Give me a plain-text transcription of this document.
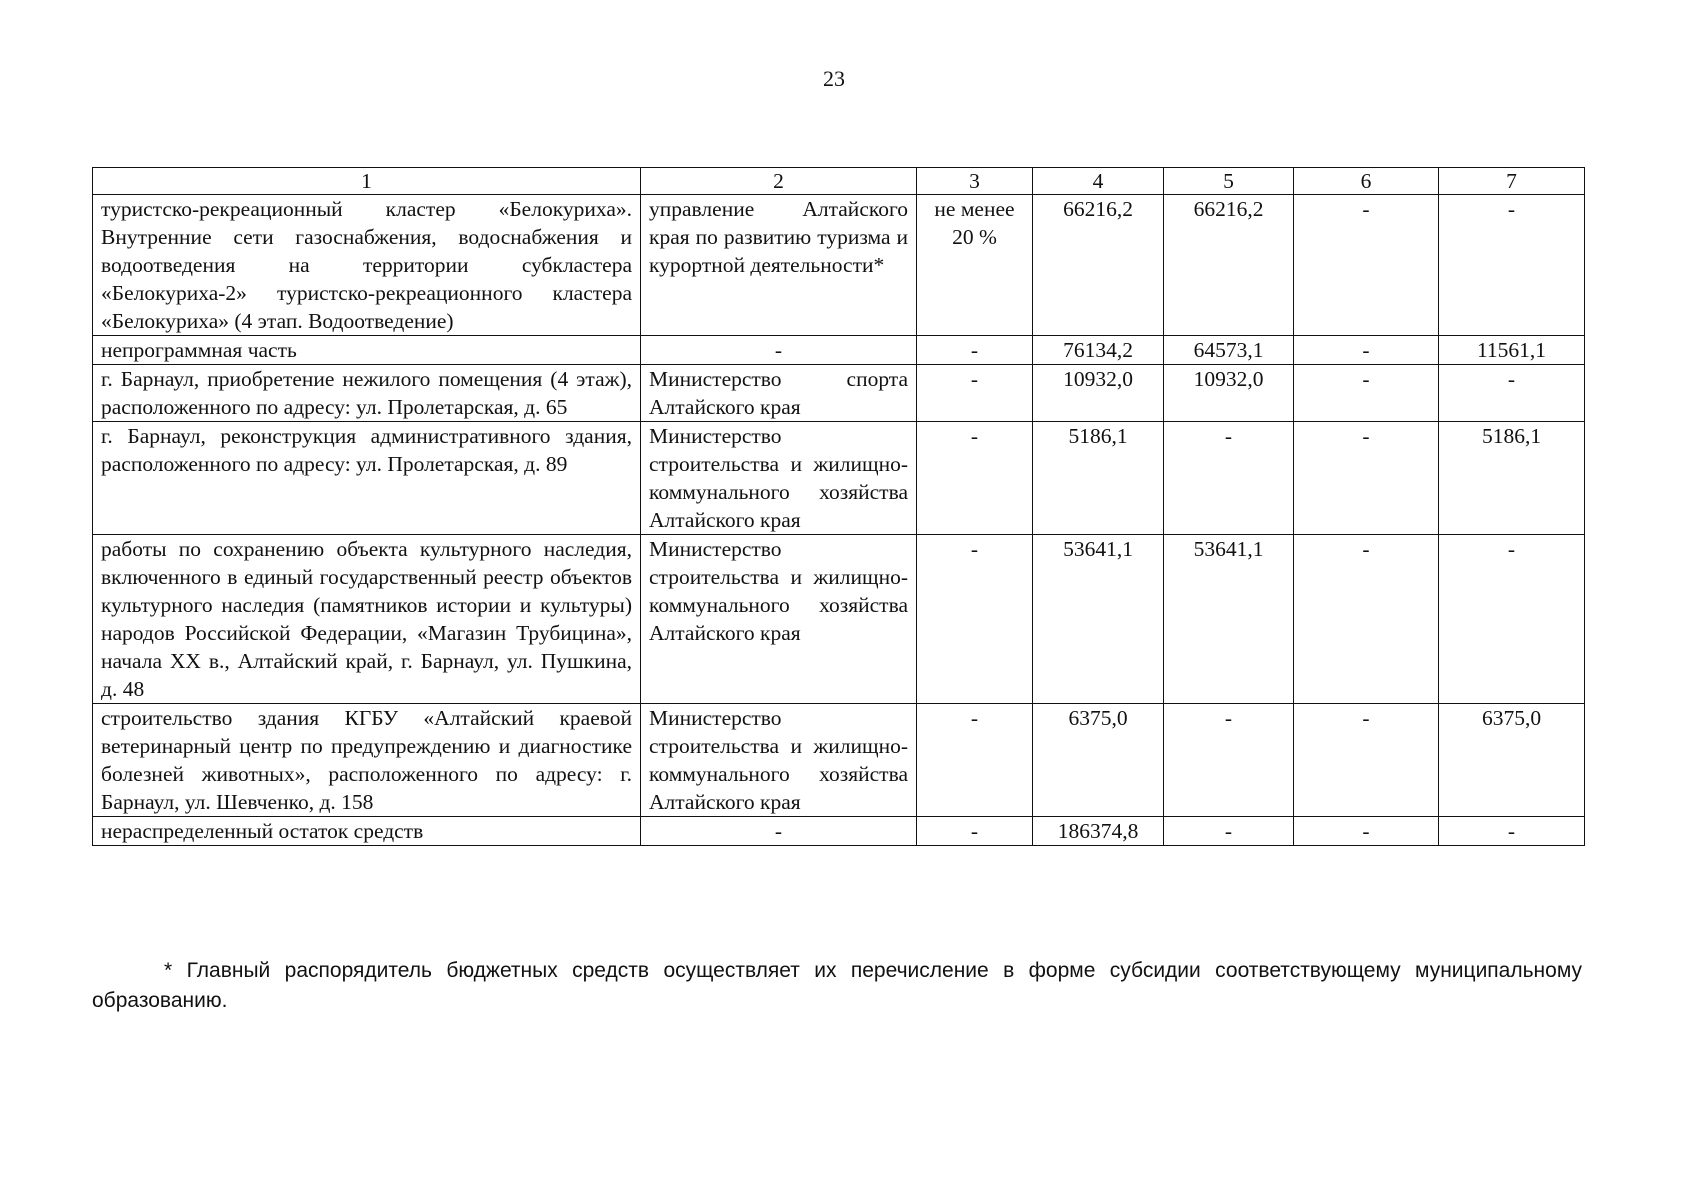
23
1	2	3	4	5	6	7
туристско-рекреационный кластер «Белокуриха». Внутренние сети газоснабжения, водоснабжения и водоотведения на территории субкластера «Белокуриха-2» туристско-рекреационного кластера «Белокуриха» (4 этап. Водоотведение)	управление Алтайского края по развитию туризма и курортной деятельности*	не менее 20 %	66216,2	66216,2	-	-
непрограммная часть	-	-	76134,2	64573,1	-	11561,1
г. Барнаул, приобретение нежилого помещения (4 этаж), расположенного по адресу: ул. Пролетарская, д. 65	Министерство спорта Алтайского края	-	10932,0	10932,0	-	-
г. Барнаул, реконструкция административного здания, расположенного по адресу: ул. Пролетарская, д. 89	Министерство строительства и жилищно-коммунального хозяйства Алтайского края	-	5186,1	-	-	5186,1
работы по сохранению объекта культурного наследия, включенного в единый государственный реестр объектов культурного наследия (памятников истории и культуры) народов Российской Федерации, «Магазин Трубицина», начала XX в., Алтайский край, г. Барнаул, ул. Пушкина, д. 48	Министерство строительства и жилищно-коммунального хозяйства Алтайского края	-	53641,1	53641,1	-	-
строительство здания КГБУ «Алтайский краевой ветеринарный центр по предупреждению и диагностике болезней животных», расположенного по адресу: г. Барнаул, ул. Шевченко, д. 158	Министерство строительства и жилищно-коммунального хозяйства Алтайского края	-	6375,0	-	-	6375,0
нераспределенный остаток средств	-	-	186374,8	-	-	-

* Главный распорядитель бюджетных средств осуществляет их перечисление в форме субсидии соответствующему муниципальному образованию.
